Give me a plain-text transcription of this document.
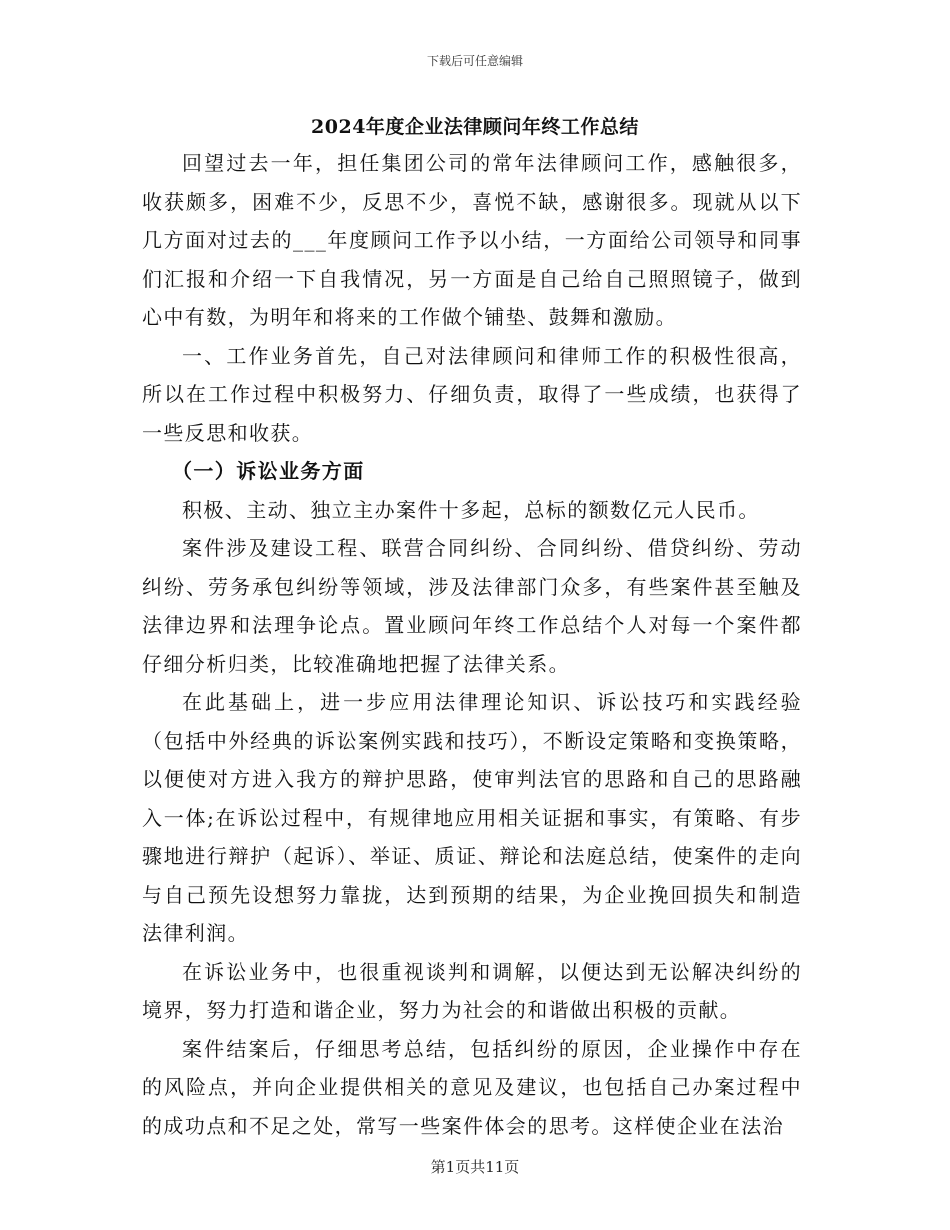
下载后可任意编辑
2024年度企业法律顾问年终工作总结

回望过去一年，担任集团公司的常年法律顾问工作，感触很多，收获颇多，困难不少，反思不少，喜悦不缺，感谢很多。现就从以下几方面对过去的___年度顾问工作予以小结，一方面给公司领导和同事们汇报和介绍一下自我情况，另一方面是自己给自己照照镜子，做到心中有数，为明年和将来的工作做个铺垫、鼓舞和激励。

一、工作业务首先，自己对法律顾问和律师工作的积极性很高，所以在工作过程中积极努力、仔细负责，取得了一些成绩，也获得了一些反思和收获。

（一）诉讼业务方面

积极、主动、独立主办案件十多起，总标的额数亿元人民币。

案件涉及建设工程、联营合同纠纷、合同纠纷、借贷纠纷、劳动纠纷、劳务承包纠纷等领域，涉及法律部门众多，有些案件甚至触及法律边界和法理争论点。置业顾问年终工作总结个人对每一个案件都仔细分析归类，比较准确地把握了法律关系。

在此基础上，进一步应用法律理论知识、诉讼技巧和实践经验（包括中外经典的诉讼案例实践和技巧），不断设定策略和变换策略，以便使对方进入我方的辩护思路，使审判法官的思路和自己的思路融入一体;在诉讼过程中，有规律地应用相关证据和事实，有策略、有步骤地进行辩护（起诉）、举证、质证、辩论和法庭总结，使案件的走向与自己预先设想努力靠拢，达到预期的结果，为企业挽回损失和制造法律利润。

在诉讼业务中，也很重视谈判和调解，以便达到无讼解决纠纷的境界，努力打造和谐企业，努力为社会的和谐做出积极的贡献。

案件结案后，仔细思考总结，包括纠纷的原因，企业操作中存在的风险点，并向企业提供相关的意见及建议，也包括自己办案过程中的成功点和不足之处，常写一些案件体会的思考。这样使企业在法治

第1页共11页
